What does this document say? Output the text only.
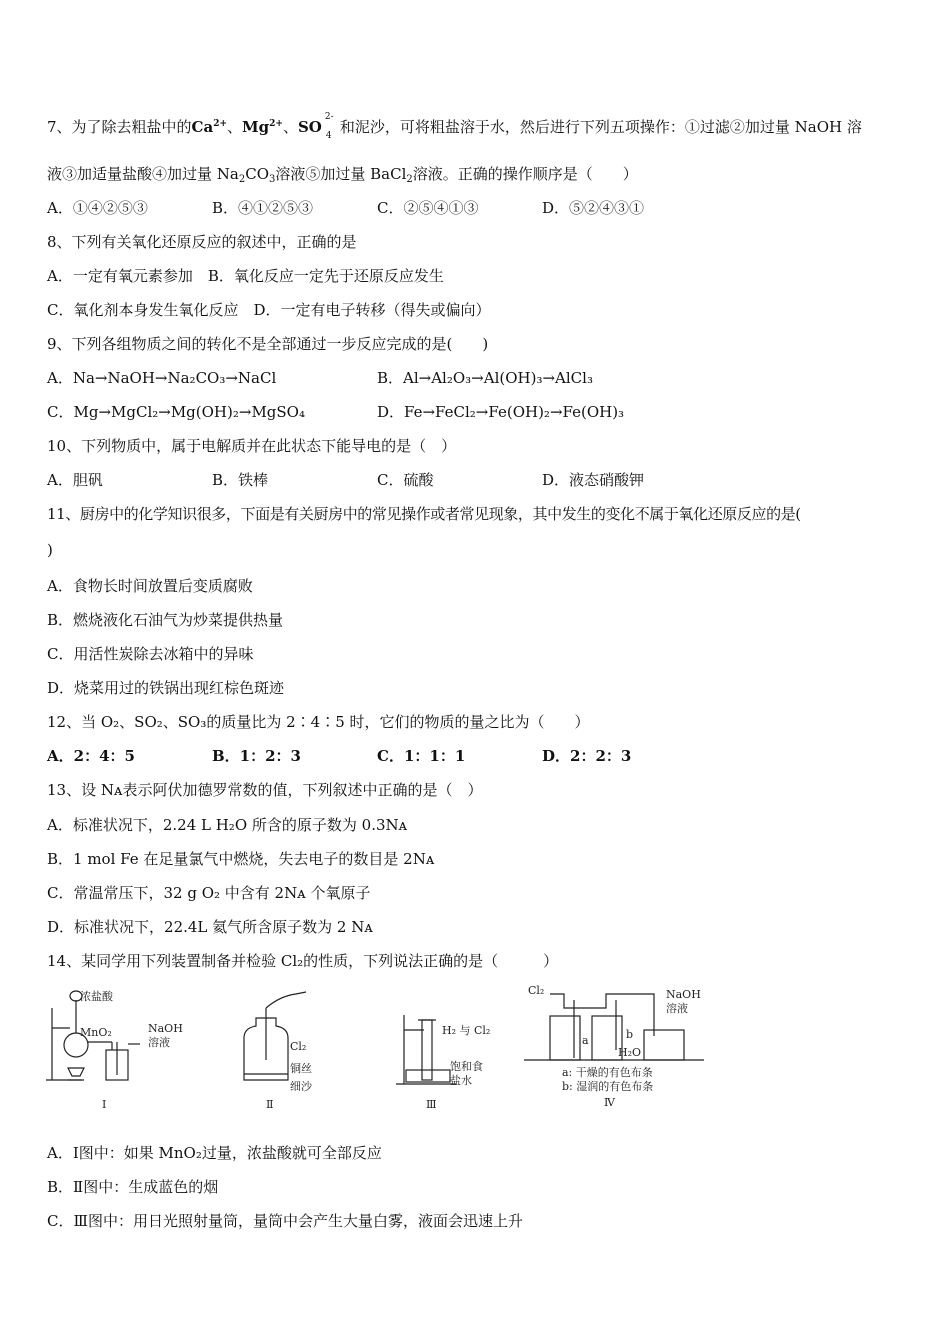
7、为了除去粗盐中的$Ca^{2+}$、$Mg^{2+}$、SO
2-
4 和泥沙，可将粗盐溶于水，然后进行下列五项操作：①过滤②加过量 NaOH 溶
液③加适量盐酸④加过量 $Na_2CO_3$溶液⑤加过量 BaCl$_2$溶液。正确的操作顺序是（　　）
A．①④②⑤③	B．④①②⑤③	C．②⑤④①③	D．⑤②④③①
8、下列有关氧化还原反应的叙述中，正确的是
A．一定有氧元素参加　B．氧化反应一定先于还原反应发生
C．氧化剂本身发生氧化反应　D．一定有电子转移（得失或偏向）
9、下列各组物质之间的转化不是全部通过一步反应完成的是(　　)
A．Na→NaOH→Na₂CO₃→NaCl	B．Al→Al₂O₃→Al(OH)₃→AlCl₃
C．Mg→MgCl₂→Mg(OH)₂→MgSO₄	D．Fe→FeCl₂→Fe(OH)₂→Fe(OH)₃
10、下列物质中，属于电解质并在此状态下能导电的是（　）
A．胆矾	B．铁棒	C．硫酸	D．液态硝酸钾
11、厨房中的化学知识很多，下面是有关厨房中的常见操作或者常见现象，其中发生的变化不属于氧化还原反应的是(
)
A．食物长时间放置后变质腐败
B．燃烧液化石油气为炒菜提供热量
C．用活性炭除去冰箱中的异味
D．烧菜用过的铁锅出现红棕色斑迹
12、当 O₂、SO₂、SO₃的质量比为 2∶4∶5 时，它们的物质的量之比为（　　）
A．2：4：5	B．1：2：3	C．1：1：1	D．2：2：3
13、设 Nᴀ表示阿伏加德罗常数的值，下列叙述中正确的是（　）
A．标准状况下，2.24 L H₂O 所含的原子数为 0.3Nᴀ
B．1 mol Fe 在足量氯气中燃烧，失去电子的数目是 2Nᴀ
C．常温常压下，32 g O₂ 中含有 2Nᴀ 个氧原子
D．标准状况下，22.4L 氦气所含原子数为 2 Nᴀ
14、某同学用下列装置制备并检验 Cl₂的性质，下列说法正确的是（　　　）
浓盐酸
MnO₂	NaOH
溶液
Ⅰ
Cl₂
铜丝
细沙
Ⅱ
H₂ 与 Cl₂
饱和食
盐水
Ⅲ
Cl₂	NaOH
溶液
a	b
H₂O
a: 干燥的有色布条
b: 湿润的有色布条
Ⅳ
A．Ⅰ图中：如果 MnO₂过量，浓盐酸就可全部反应
B．Ⅱ图中：生成蓝色的烟
C．Ⅲ图中：用日光照射量筒，量筒中会产生大量白雾，液面会迅速上升
